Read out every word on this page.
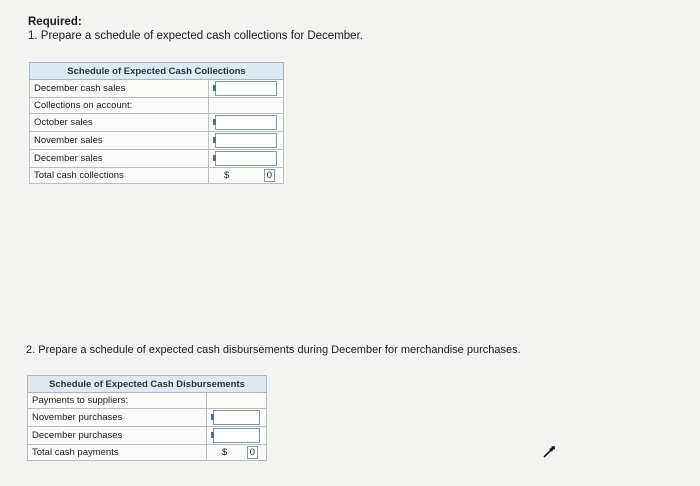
Required:
1. Prepare a schedule of expected cash collections for December.
Schedule of Expected Cash Collections	
December cash sales	

Collections on account:	
October sales	

November sales	

December sales	

Total cash collections	$ 0
2. Prepare a schedule of expected cash disbursements during December for merchandise purchases.
Schedule of Expected Cash Disbursements	
Payments to suppliers:	
November purchases	

December purchases	

Total cash payments	$ 0
